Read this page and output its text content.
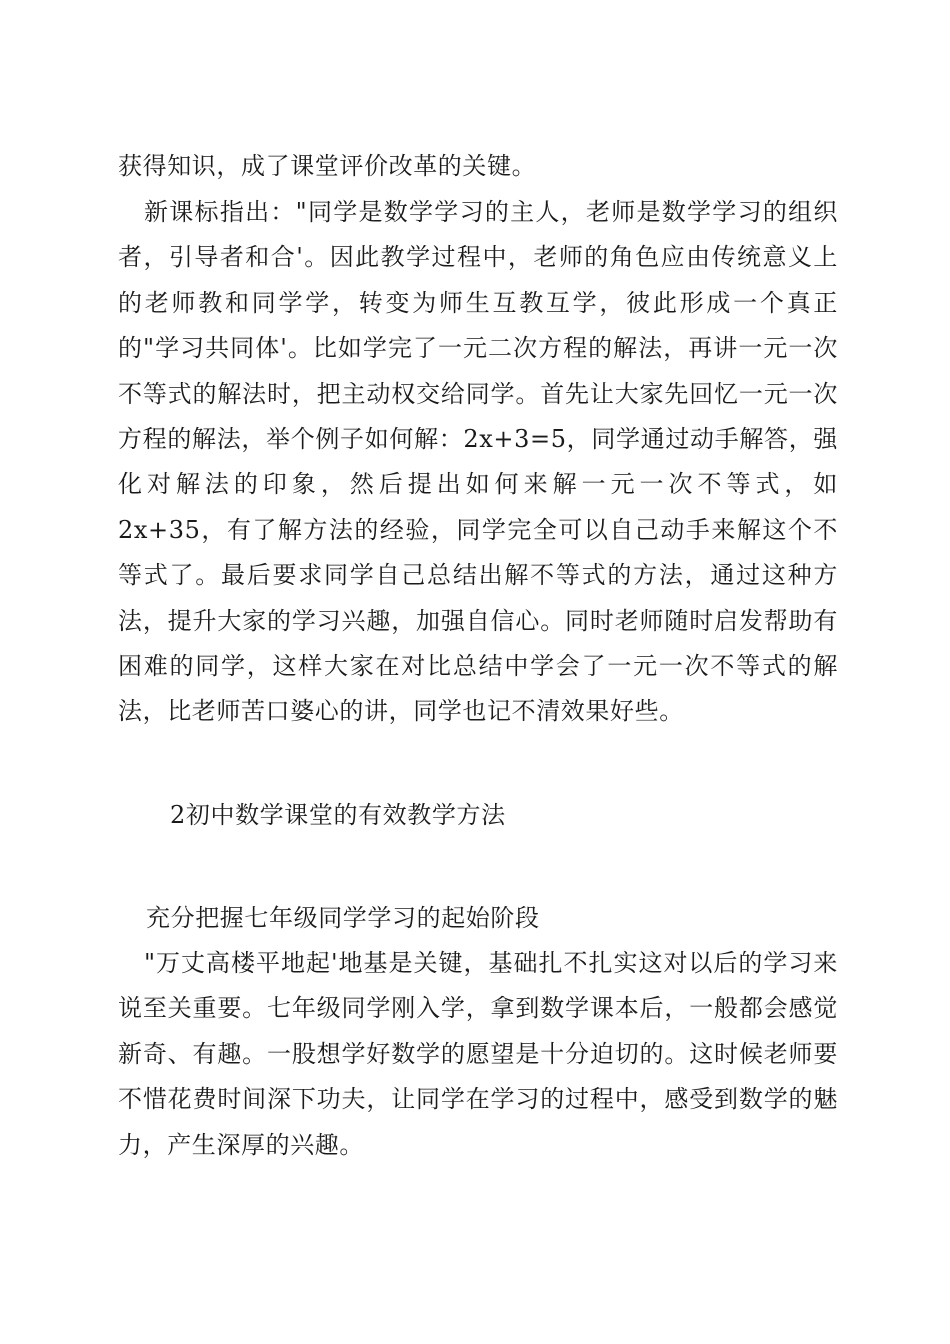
获得知识，成了课堂评价改革的关键。

新课标指出："同学是数学学习的主人，老师是数学学习的组织者，引导者和合'。因此教学过程中，老师的角色应由传统意义上的老师教和同学学，转变为师生互教互学，彼此形成一个真正的"学习共同体'。比如学完了一元二次方程的解法，再讲一元一次不等式的解法时，把主动权交给同学。首先让大家先回忆一元一次方程的解法，举个例子如何解：2x+3=5，同学通过动手解答，强化对解法的印象，然后提出如何来解一元一次不等式，如2x+35，有了解方法的经验，同学完全可以自己动手来解这个不等式了。最后要求同学自己总结出解不等式的方法，通过这种方法，提升大家的学习兴趣，加强自信心。同时老师随时启发帮助有困难的同学，这样大家在对比总结中学会了一元一次不等式的解法，比老师苦口婆心的讲，同学也记不清效果好些。

2初中数学课堂的有效教学方法

充分把握七年级同学学习的起始阶段

"万丈高楼平地起'地基是关键，基础扎不扎实这对以后的学习来说至关重要。七年级同学刚入学，拿到数学课本后，一般都会感觉新奇、有趣。一股想学好数学的愿望是十分迫切的。这时候老师要不惜花费时间深下功夫，让同学在学习的过程中，感受到数学的魅力，产生深厚的兴趣。
